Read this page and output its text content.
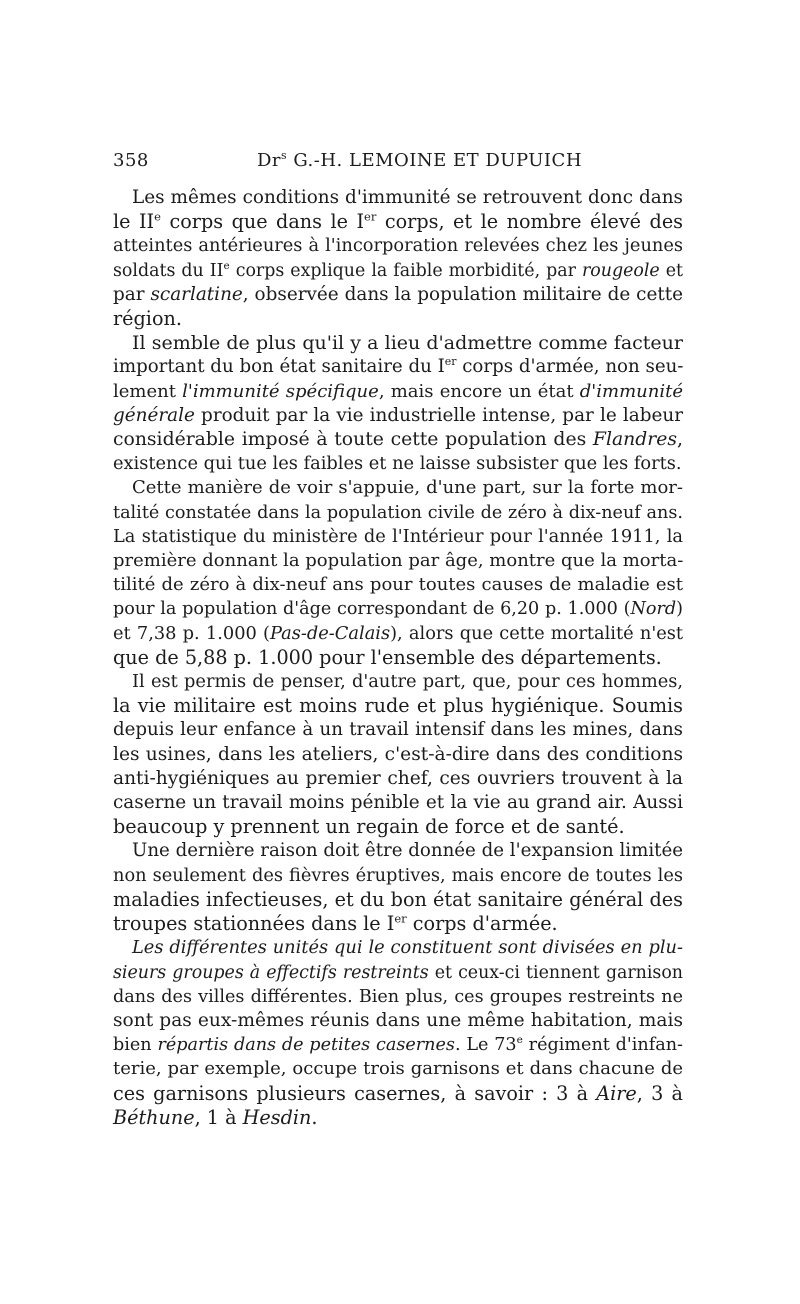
358	Dr$^s$ G.-H. LEMOINE ET DUPUICH

Les mêmes conditions d'immunité se retrouvent donc dans
le IIe corps que dans le Ier corps, et le nombre élevé des
atteintes antérieures à l'incorporation relevées chez les jeunes
soldats du IIe corps explique la faible morbidité, par rougeole et
par scarlatine, observée dans la population militaire de cette
région.

Il semble de plus qu'il y a lieu d'admettre comme facteur
important du bon état sanitaire du Ier corps d'armée, non seu-
lement l'immunité spécifique, mais encore un état d'immunité
générale produit par la vie industrielle intense, par le labeur
considérable imposé à toute cette population des Flandres,
existence qui tue les faibles et ne laisse subsister que les forts.

Cette manière de voir s'appuie, d'une part, sur la forte mor-
talité constatée dans la population civile de zéro à dix-neuf ans.
La statistique du ministère de l'Intérieur pour l'année 1911, la
première donnant la population par âge, montre que la morta-
tilité de zéro à dix-neuf ans pour toutes causes de maladie est
pour la population d'âge correspondant de 6,20 p. 1.000 (Nord)
et 7,38 p. 1.000 (Pas-de-Calais), alors que cette mortalité n'est
que de 5,88 p. 1.000 pour l'ensemble des départements.

Il est permis de penser, d'autre part, que, pour ces hommes,
la vie militaire est moins rude et plus hygiénique. Soumis
depuis leur enfance à un travail intensif dans les mines, dans
les usines, dans les ateliers, c'est-à-dire dans des conditions
anti-hygiéniques au premier chef, ces ouvriers trouvent à la
caserne un travail moins pénible et la vie au grand air. Aussi
beaucoup y prennent un regain de force et de santé.

Une dernière raison doit être donnée de l'expansion limitée
non seulement des fièvres éruptives, mais encore de toutes les
maladies infectieuses, et du bon état sanitaire général des
troupes stationnées dans le Ier corps d'armée.

Les différentes unités qui le constituent sont divisées en plu-
sieurs groupes à effectifs restreints et ceux-ci tiennent garnison
dans des villes différentes. Bien plus, ces groupes restreints ne
sont pas eux-mêmes réunis dans une même habitation, mais
bien répartis dans de petites casernes. Le 73e régiment d'infan-
terie, par exemple, occupe trois garnisons et dans chacune de
ces garnisons plusieurs casernes, à savoir : 3 à Aire, 3 à
Béthune, 1 à Hesdin.
